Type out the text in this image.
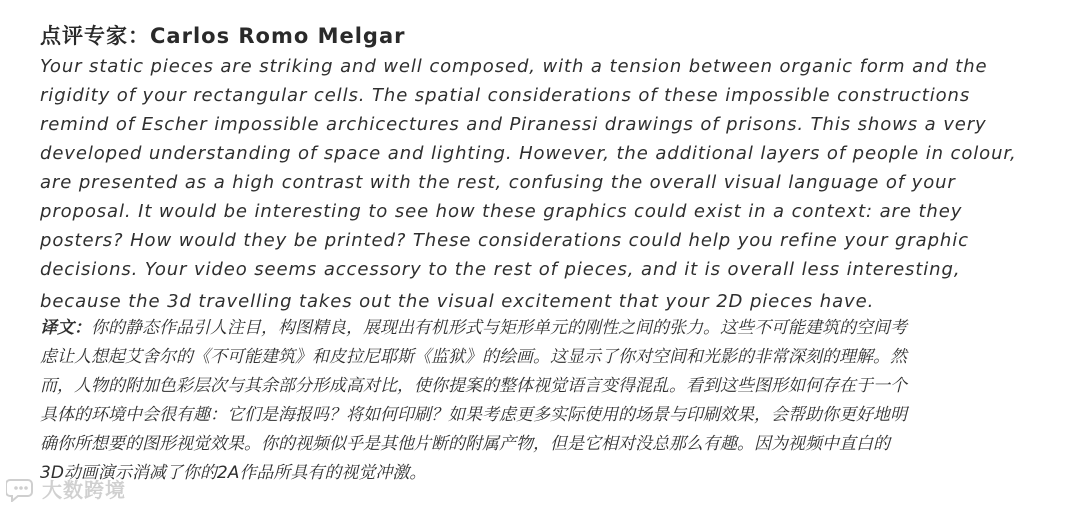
点评专家：Carlos Romo Melgar
Your static pieces are striking and well composed, with a tension between organic form and the
rigidity of your rectangular cells. The spatial considerations of these impossible constructions
remind of Escher impossible archicectures and Piranessi drawings of prisons. This shows a very
developed understanding of space and lighting. However, the additional layers of people in colour,
are presented as a high contrast with the rest, confusing the overall visual language of your
proposal. It would be interesting to see how these graphics could exist in a context: are they
posters? How would they be printed? These considerations could help you refine your graphic
decisions. Your video seems accessory to the rest of pieces, and it is overall less interesting,
because the 3d travelling takes out the visual excitement that your 2D pieces have.
译文：你的静态作品引人注目，构图精良，展现出有机形式与矩形单元的刚性之间的张力。这些不可能建筑的空间考
虑让人想起艾舍尔的《不可能建筑》和皮拉尼耶斯《监狱》的绘画。这显示了你对空间和光影的非常深刻的理解。然
而，人物的附加色彩层次与其余部分形成高对比，使你提案的整体视觉语言变得混乱。看到这些图形如何存在于一个
具体的环境中会很有趣：它们是海报吗？将如何印刷？如果考虑更多实际使用的场景与印刷效果，会帮助你更好地明
确你所想要的图形视觉效果。你的视频似乎是其他片断的附属产物，但是它相对没总那么有趣。因为视频中直白的
3D动画演示消减了你的2A作品所具有的视觉冲激。
大数跨境
